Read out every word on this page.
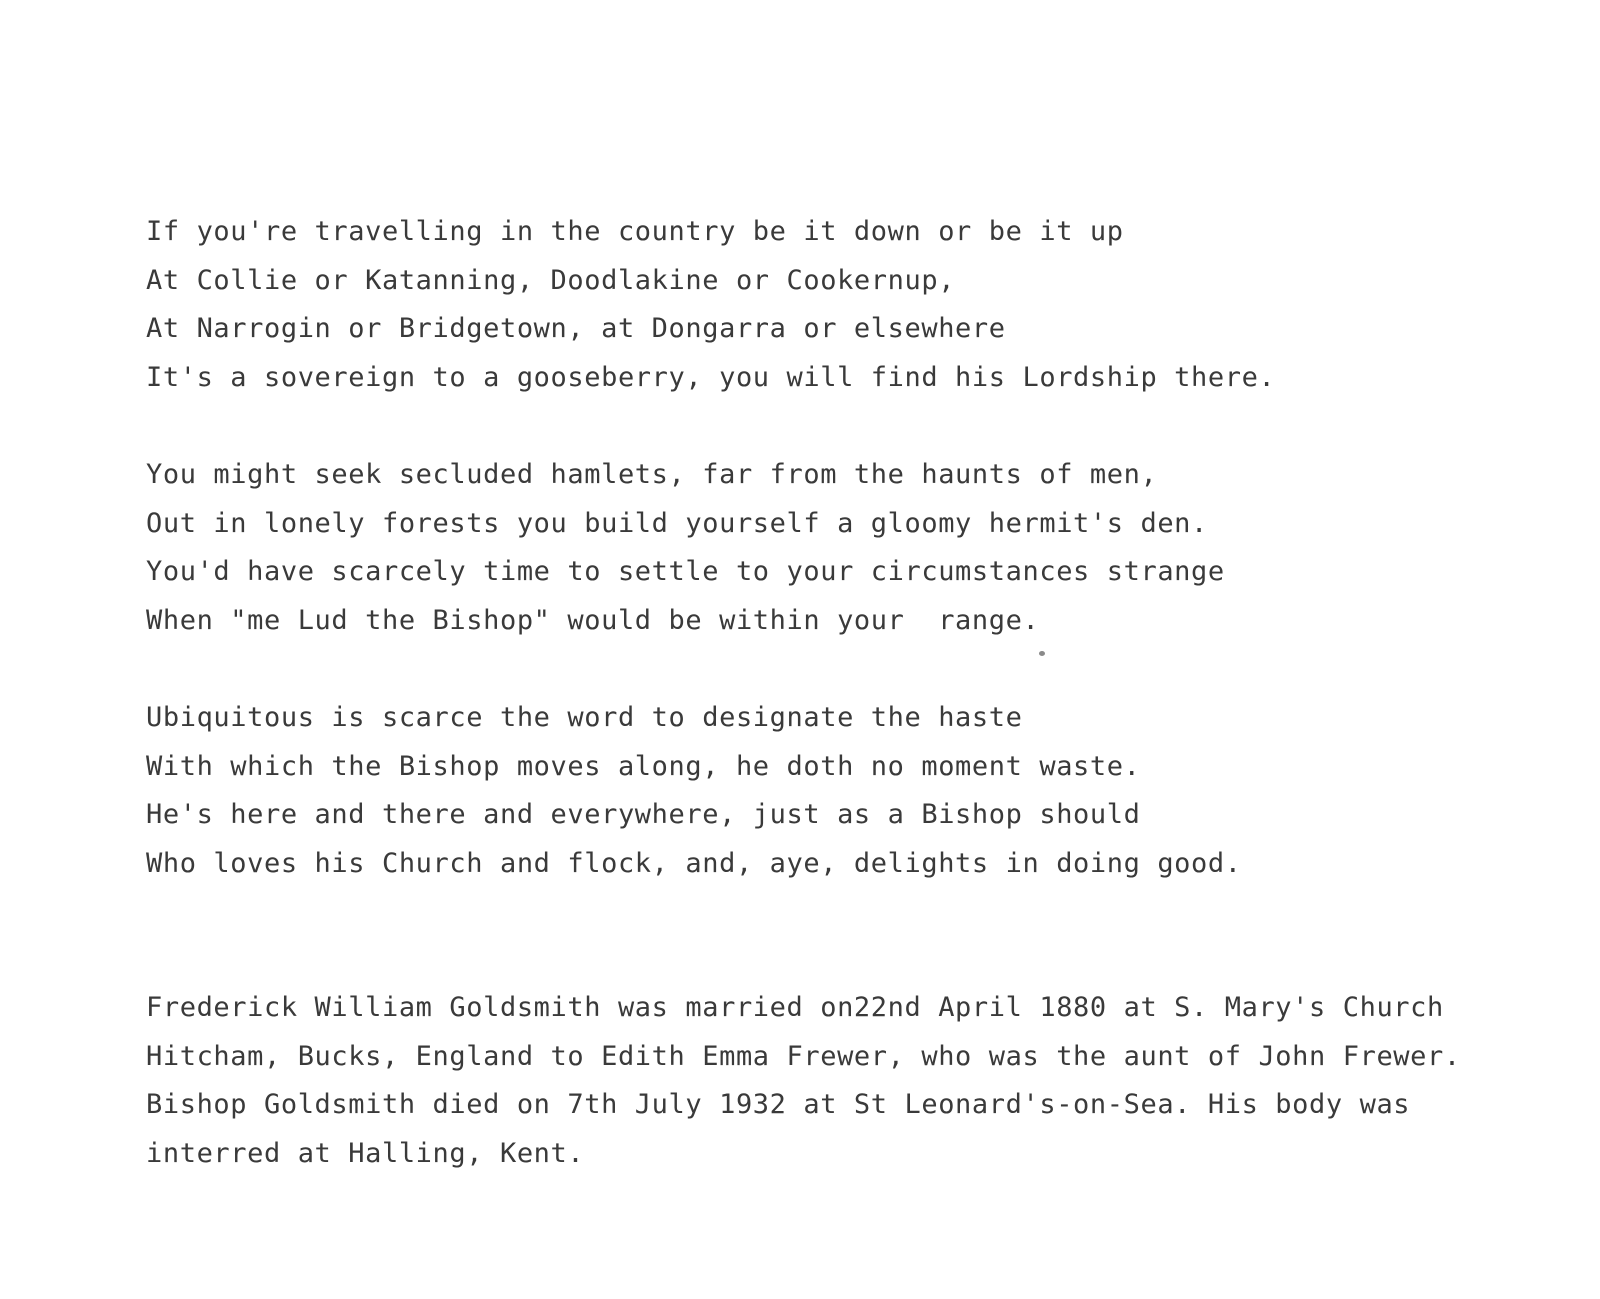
If you're travelling in the country be it down or be it up
At Collie or Katanning, Doodlakine or Cookernup,
At Narrogin or Bridgetown, at Dongarra or elsewhere
It's a sovereign to a gooseberry, you will find his Lordship there.
You might seek secluded hamlets, far from the haunts of men,
Out in lonely forests you build yourself a gloomy hermit's den.
You'd have scarcely time to settle to your circumstances strange
When "me Lud the Bishop" would be within your  range.
Ubiquitous is scarce the word to designate the haste
With which the Bishop moves along, he doth no moment waste.
He's here and there and everywhere, just as a Bishop should
Who loves his Church and flock, and, aye, delights in doing good.
Frederick William Goldsmith was married on22nd April 1880 at S. Mary's Church
Hitcham, Bucks, England to Edith Emma Frewer, who was the aunt of John Frewer.
Bishop Goldsmith died on 7th July 1932 at St Leonard's-on-Sea. His body was
interred at Halling, Kent.
